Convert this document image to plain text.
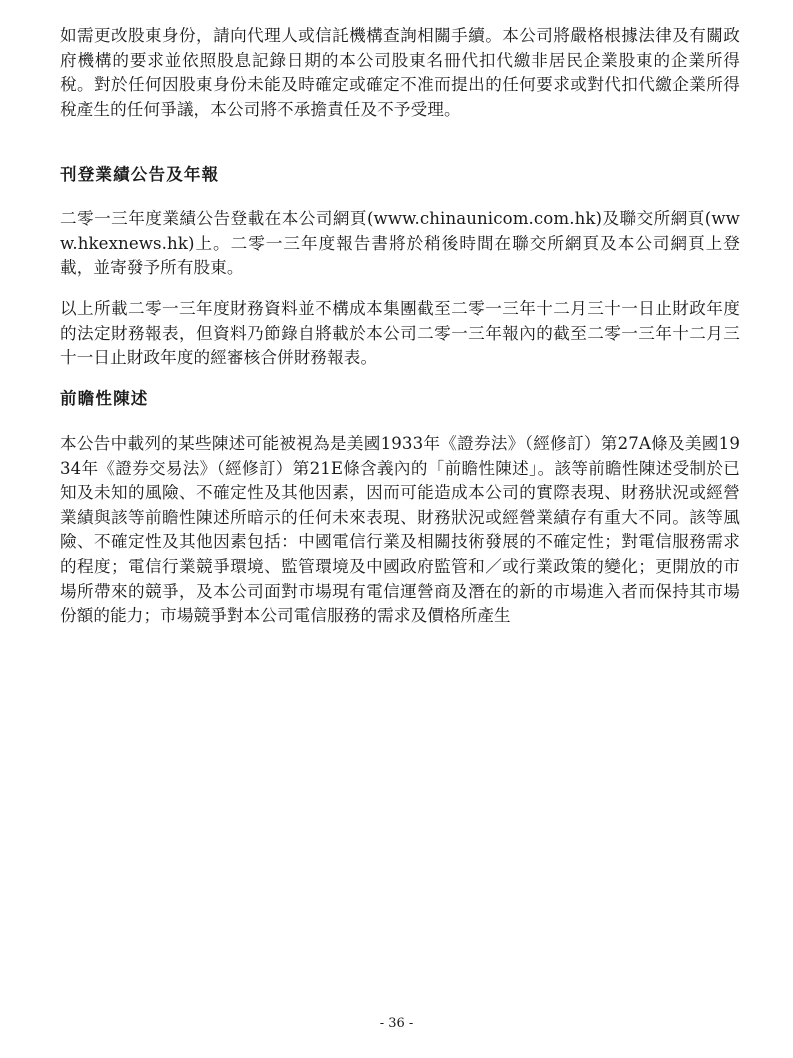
如需更改股東身份，請向代理人或信託機構查詢相關手續。本公司將嚴格根據法律及有關政府機構的要求並依照股息記錄日期的本公司股東名冊代扣代繳非居民企業股東的企業所得稅。對於任何因股東身份未能及時確定或確定不准而提出的任何要求或對代扣代繳企業所得稅產生的任何爭議，本公司將不承擔責任及不予受理。

刊登業績公告及年報

二零一三年度業績公告登載在本公司網頁(www.chinaunicom.com.hk)及聯交所網頁(www.hkexnews.hk)上。二零一三年度報告書將於稍後時間在聯交所網頁及本公司網頁上登載，並寄發予所有股東。

以上所載二零一三年度財務資料並不構成本集團截至二零一三年十二月三十一日止財政年度的法定財務報表，但資料乃節錄自將載於本公司二零一三年報內的截至二零一三年十二月三十一日止財政年度的經審核合併財務報表。

前瞻性陳述

本公告中載列的某些陳述可能被視為是美國1933年《證券法》（經修訂）第27A條及美國1934年《證券交易法》（經修訂）第21E條含義內的「前瞻性陳述」。該等前瞻性陳述受制於已知及未知的風險、不確定性及其他因素，因而可能造成本公司的實際表現、財務狀況或經營業績與該等前瞻性陳述所暗示的任何未來表現、財務狀況或經營業績存有重大不同。該等風險、不確定性及其他因素包括：中國電信行業及相關技術發展的不確定性；對電信服務需求的程度；電信行業競爭環境、監管環境及中國政府監管和／或行業政策的變化；更開放的市場所帶來的競爭，及本公司面對市場現有電信運營商及潛在的新的市場進入者而保持其市場份額的能力；市場競爭對本公司電信服務的需求及價格所產生

- 36 -
